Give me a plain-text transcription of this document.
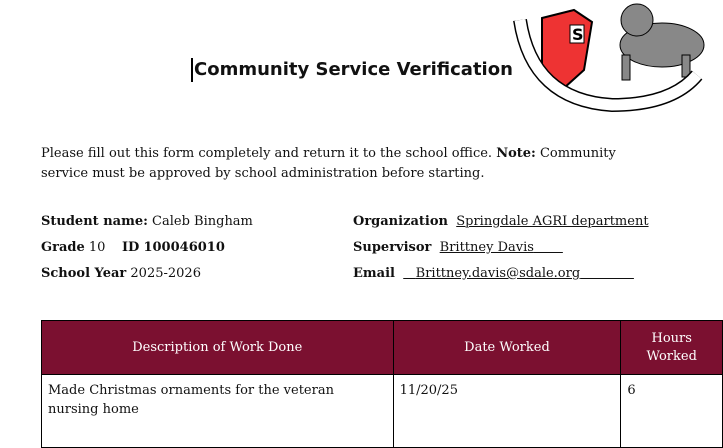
Community Service Verification
S
Please fill out this form completely and return it to the school office. Note: Community service must be approved by school administration before starting.
Student name: Caleb Bingham
Grade 10 ID 100046010
School Year 2025-2026
Organization Springdale AGRI department
Supervisor Brittney Davis
Email Brittney.davis@sdale.org
Description of Work Done	Date Worked	Hours Worked
Made Christmas ornaments for the veteran nursing home	11/20/25	6
